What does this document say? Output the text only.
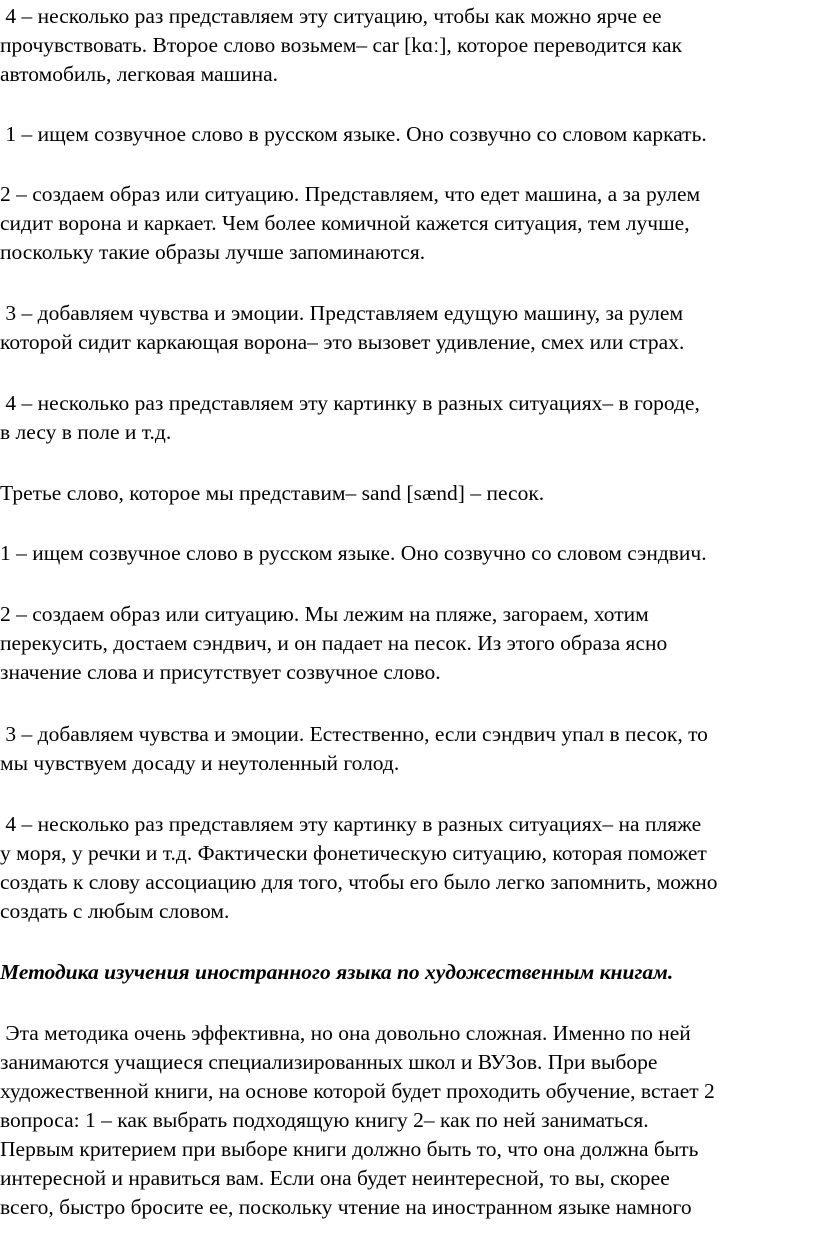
4 – несколько раз представляем эту ситуацию, чтобы как можно ярче ее

прочувствовать. Второе слово возьмем– car [kɑː], которое переводится как

автомобиль, легковая машина.

1 – ищем созвучное слово в русском языке. Оно созвучно со словом каркать.

2 – создаем образ или ситуацию. Представляем, что едет машина, а за рулем

сидит ворона и каркает. Чем более комичной кажется ситуация, тем лучше,

поскольку такие образы лучше запоминаются.

3 – добавляем чувства и эмоции. Представляем едущую машину, за рулем

которой сидит каркающая ворона– это вызовет удивление, смех или страх.

4 – несколько раз представляем эту картинку в разных ситуациях– в городе,

в лесу в поле и т.д.

Третье слово, которое мы представим– sand [sænd] – песок.

1 – ищем созвучное слово в русском языке. Оно созвучно со словом сэндвич.

2 – создаем образ или ситуацию. Мы лежим на пляже, загораем, хотим

перекусить, достаем сэндвич, и он падает на песок. Из этого образа ясно

значение слова и присутствует созвучное слово.

3 – добавляем чувства и эмоции. Естественно, если сэндвич упал в песок, то

мы чувствуем досаду и неутоленный голод.

4 – несколько раз представляем эту картинку в разных ситуациях– на пляже

у моря, у речки и т.д. Фактически фонетическую ситуацию, которая поможет

создать к слову ассоциацию для того, чтобы его было легко запомнить, можно

создать с любым словом.

Методика изучения иностранного языка по художественным книгам.

Эта методика очень эффективна, но она довольно сложная. Именно по ней

занимаются учащиеся специализированных школ и ВУЗов. При выборе

художественной книги, на основе которой будет проходить обучение, встает 2

вопроса: 1 – как выбрать подходящую книгу 2– как по ней заниматься.

Первым критерием при выборе книги должно быть то, что она должна быть

интересной и нравиться вам. Если она будет неинтересной, то вы, скорее

всего, быстро бросите ее, поскольку чтение на иностранном языке намного
